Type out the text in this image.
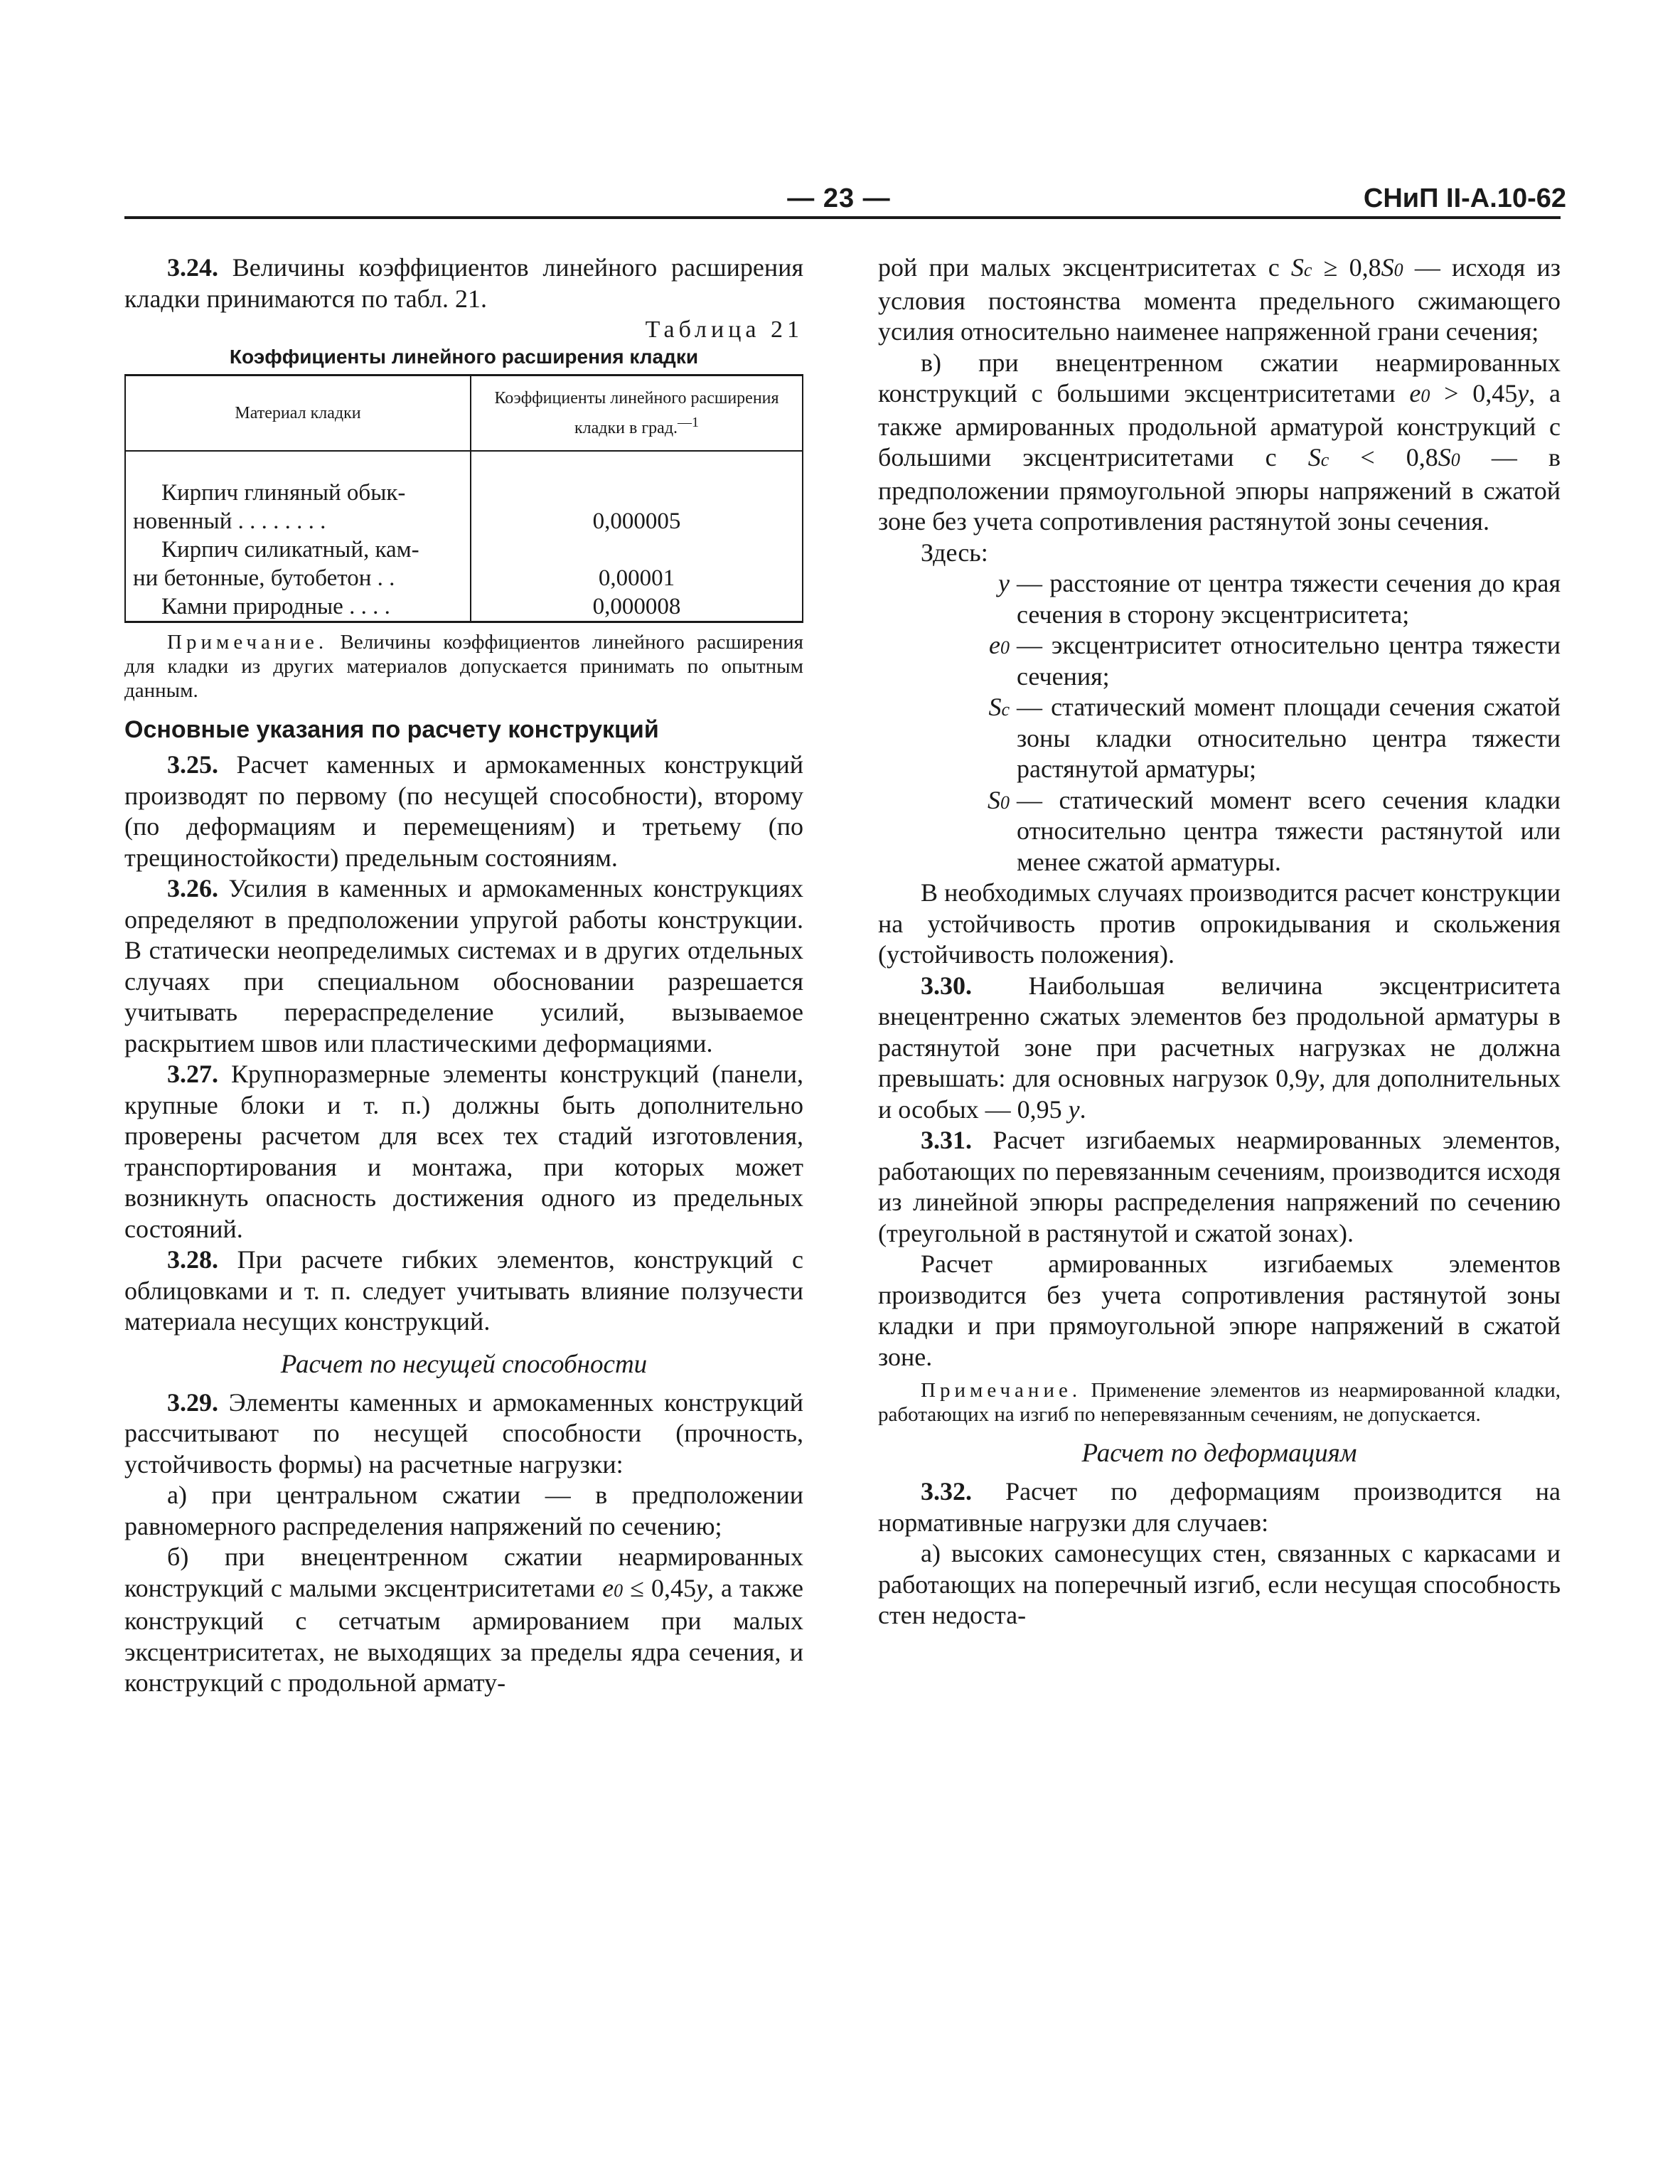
— 23 —	СНиП II-А.10-62

3.24. Величины коэффициентов линейного расширения кладки принимаются по табл. 21.

Таблица 21
Коэффициенты линейного расширения кладки
Материал кладки	Коэффициенты линейного расширения кладки в град.$^{—1}$

Кирпич глиняный обык-
новенный . . . . . . . .	0,000005

Кирпич силикатный, кам-
ни бетонные, бутобетон . .	0,00001

Камни природные . . . .	0,000008

Примечание. Величины коэффициентов линейного расширения для кладки из других материалов допускается принимать по опытным данным.

Основные указания по расчету конструкций

3.25. Расчет каменных и армокаменных конструкций производят по первому (по несущей способности), второму (по деформациям и перемещениям) и третьему (по трещиностойкости) предельным состояниям.

3.26. Усилия в каменных и армокаменных конструкциях определяют в предположении упругой работы конструкции. В статически неопределимых системах и в других отдельных случаях при специальном обосновании разрешается учитывать перераспределение усилий, вызываемое раскрытием швов или пластическими деформациями.

3.27. Крупноразмерные элементы конструкций (панели, крупные блоки и т. п.) должны быть дополнительно проверены расчетом для всех тех стадий изготовления, транспортирования и монтажа, при которых может возникнуть опасность достижения одного из предельных состояний.

3.28. При расчете гибких элементов, конструкций с облицовками и т. п. следует учитывать влияние ползучести материала несущих конструкций.

Расчет по несущей способности

3.29. Элементы каменных и армокаменных конструкций рассчитывают по несущей способности (прочность, устойчивость формы) на расчетные нагрузки:

а) при центральном сжатии — в предположении равномерного распределения напряжений по сечению;

б) при внецентренном сжатии неармированных конструкций с малыми эксцентриситетами e0 ≤ 0,45y, а также конструкций с сетчатым армированием при малых эксцентриситетах, не выходящих за пределы ядра сечения, и конструкций с продольной армату-

рой при малых эксцентриситетах с Sc ≥ 0,8S0 — исходя из условия постоянства момента предельного сжимающего усилия относительно наименее напряженной грани сечения;

в) при внецентренном сжатии неармированных конструкций с большими эксцентриситетами e0 > 0,45y, а также армированных продольной арматурой конструкций с большими эксцентриситетами с Sc < 0,8S0 — в предположении прямоугольной эпюры напряжений в сжатой зоне без учета сопротивления растянутой зоны сечения.

Здесь:

y — расстояние от центра тяжести сечения до края сечения в сторону эксцентриситета;
e0 — эксцентриситет относительно центра тяжести сечения;
Sc — статический момент площади сечения сжатой зоны кладки относительно центра тяжести растянутой арматуры;
S0 — статический момент всего сечения кладки относительно центра тяжести растянутой или менее сжатой арматуры.

В необходимых случаях производится расчет конструкции на устойчивость против опрокидывания и скольжения (устойчивость положения).

3.30. Наибольшая величина эксцентриситета внецентренно сжатых элементов без продольной арматуры в растянутой зоне при расчетных нагрузках не должна превышать: для основных нагрузок 0,9y, для дополнительных и особых — 0,95 y.

3.31. Расчет изгибаемых неармированных элементов, работающих по перевязанным сечениям, производится исходя из линейной эпюры распределения напряжений по сечению (треугольной в растянутой и сжатой зонах).

Расчет армированных изгибаемых элементов производится без учета сопротивления растянутой зоны кладки и при прямоугольной эпюре напряжений в сжатой зоне.

Примечание. Применение элементов из неармированной кладки, работающих на изгиб по неперевязанным сечениям, не допускается.

Расчет по деформациям

3.32. Расчет по деформациям производится на нормативные нагрузки для случаев:

а) высоких самонесущих стен, связанных с каркасами и работающих на поперечный изгиб, если несущая способность стен недоста-
